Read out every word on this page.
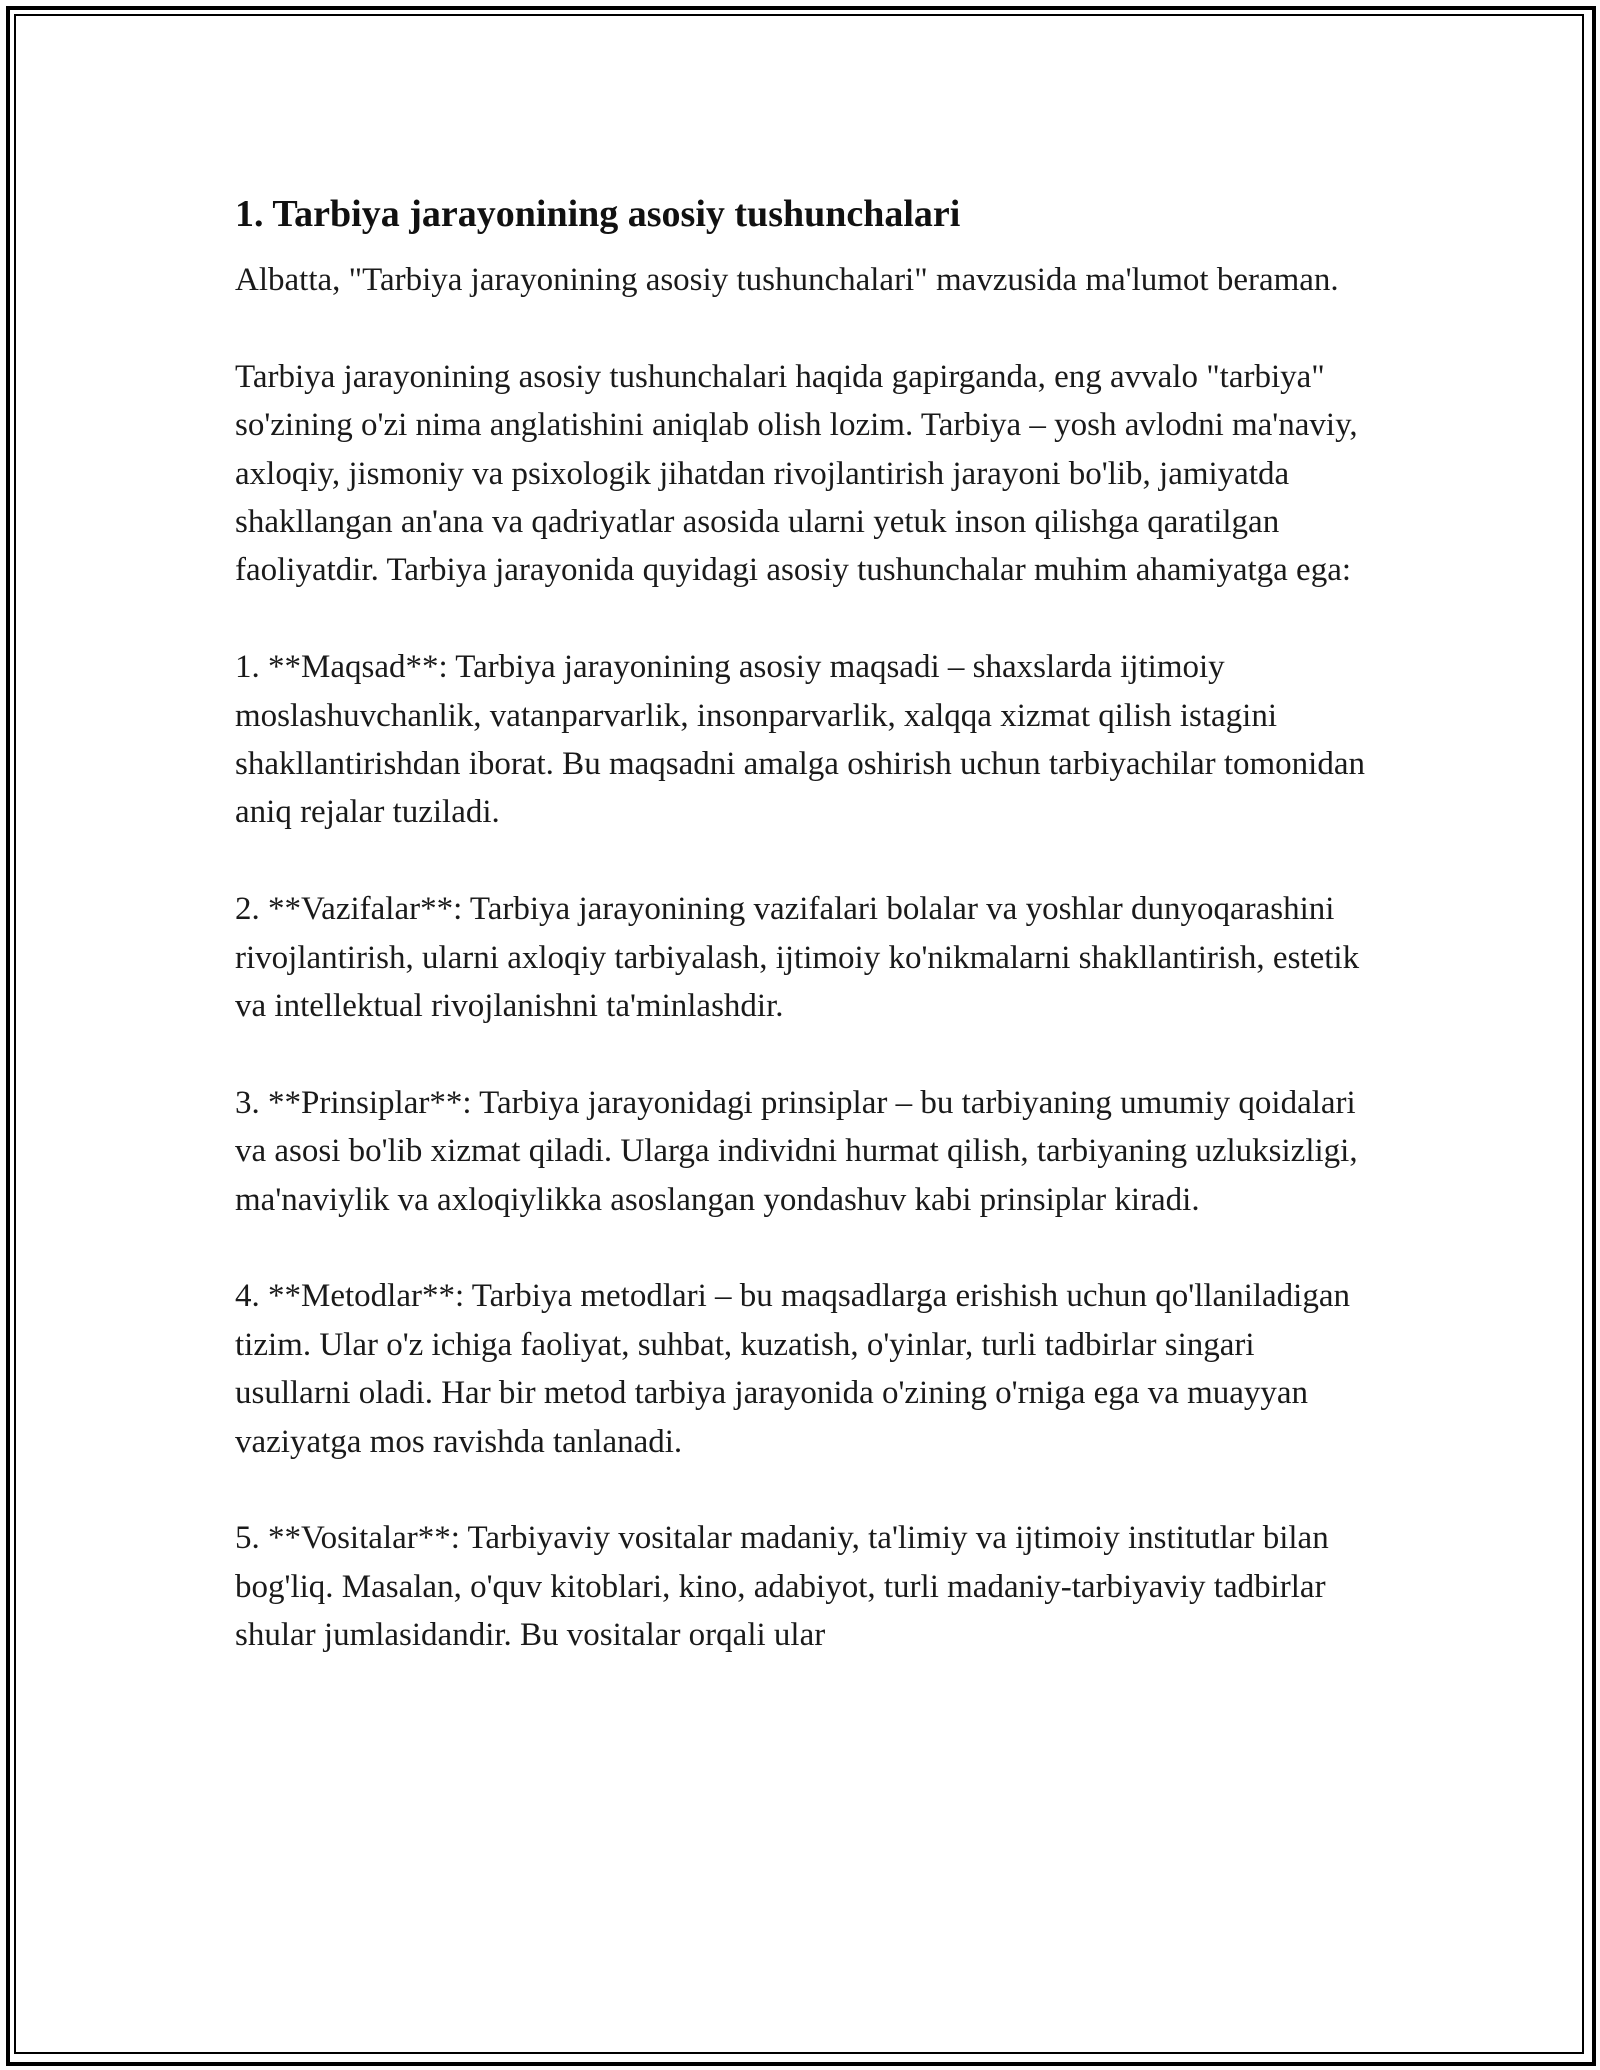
1. Tarbiya jarayonining asosiy tushunchalari

Albatta, "Tarbiya jarayonining asosiy tushunchalari" mavzusida ma'lumot beraman.

Tarbiya jarayonining asosiy tushunchalari haqida gapirganda, eng avvalo "tarbiya" so'zining o'zi nima anglatishini aniqlab olish lozim. Tarbiya – yosh avlodni ma'naviy, axloqiy, jismoniy va psixologik jihatdan rivojlantirish jarayoni bo'lib, jamiyatda shakllangan an'ana va qadriyatlar asosida ularni yetuk inson qilishga qaratilgan faoliyatdir. Tarbiya jarayonida quyidagi asosiy tushunchalar muhim ahamiyatga ega:

1. **Maqsad**: Tarbiya jarayonining asosiy maqsadi – shaxslarda ijtimoiy moslashuvchanlik, vatanparvarlik, insonparvarlik, xalqqa xizmat qilish istagini shakllantirishdan iborat. Bu maqsadni amalga oshirish uchun tarbiyachilar tomonidan aniq rejalar tuziladi.

2. **Vazifalar**: Tarbiya jarayonining vazifalari bolalar va yoshlar dunyoqarashini rivojlantirish, ularni axloqiy tarbiyalash, ijtimoiy ko'nikmalarni shakllantirish, estetik va intellektual rivojlanishni ta'minlashdir.

3. **Prinsiplar**: Tarbiya jarayonidagi prinsiplar – bu tarbiyaning umumiy qoidalari va asosi bo'lib xizmat qiladi. Ularga individni hurmat qilish, tarbiyaning uzluksizligi, ma'naviylik va axloqiylikka asoslangan yondashuv kabi prinsiplar kiradi.

4. **Metodlar**: Tarbiya metodlari – bu maqsadlarga erishish uchun qo'llaniladigan tizim. Ular o'z ichiga faoliyat, suhbat, kuzatish, o'yinlar, turli tadbirlar singari usullarni oladi. Har bir metod tarbiya jarayonida o'zining o'rniga ega va muayyan vaziyatga mos ravishda tanlanadi.

5. **Vositalar**: Tarbiyaviy vositalar madaniy, ta'limiy va ijtimoiy institutlar bilan bog'liq. Masalan, o'quv kitoblari, kino, adabiyot, turli madaniy-tarbiyaviy tadbirlar shular jumlasidandir. Bu vositalar orqali ular
